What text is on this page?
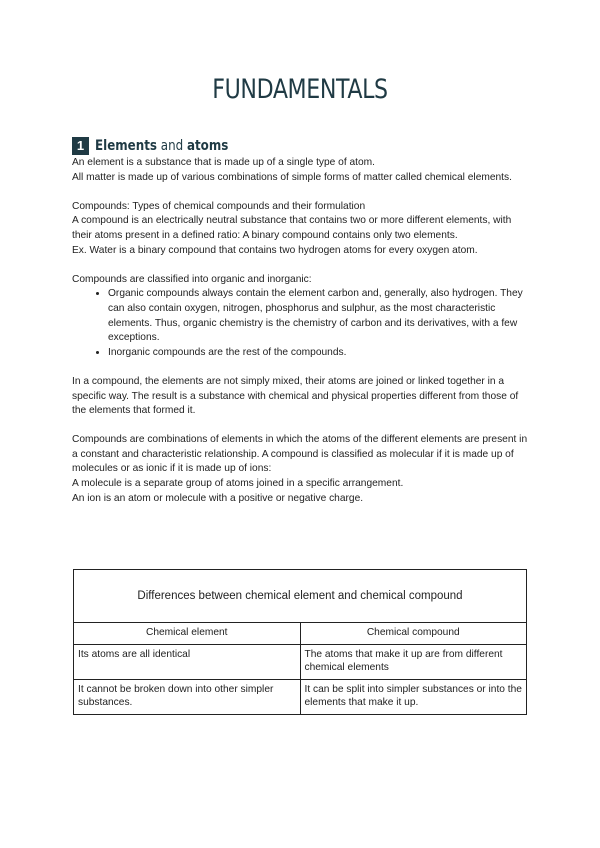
FUNDAMENTALS
1 Elements and atoms

An element is a substance that is made up of a single type of atom.

All matter is made up of various combinations of simple forms of matter called chemical elements.

Compounds: Types of chemical compounds and their formulation

A compound is an electrically neutral substance that contains two or more different elements, with their atoms present in a defined ratio: A binary compound contains only two elements.

Ex. Water is a binary compound that contains two hydrogen atoms for every oxygen atom.

Compounds are classified into organic and inorganic:

• Organic compounds always contain the element carbon and, generally, also hydrogen. They can also contain oxygen, nitrogen, phosphorus and sulphur, as the most characteristic elements. Thus, organic chemistry is the chemistry of carbon and its derivatives, with a few exceptions.
• Inorganic compounds are the rest of the compounds.

In a compound, the elements are not simply mixed, their atoms are joined or linked together in a specific way. The result is a substance with chemical and physical properties different from those of the elements that formed it.

Compounds are combinations of elements in which the atoms of the different elements are present in a constant and characteristic relationship. A compound is classified as molecular if it is made up of molecules or as ionic if it is made up of ions:

A molecule is a separate group of atoms joined in a specific arrangement.

An ion is an atom or molecule with a positive or negative charge.

Differences between chemical element and chemical compound	
Chemical element	Chemical compound
Its atoms are all identical	The atoms that make it up are from different chemical elements
It cannot be broken down into other simpler substances.	It can be split into simpler substances or into the elements that make it up.
